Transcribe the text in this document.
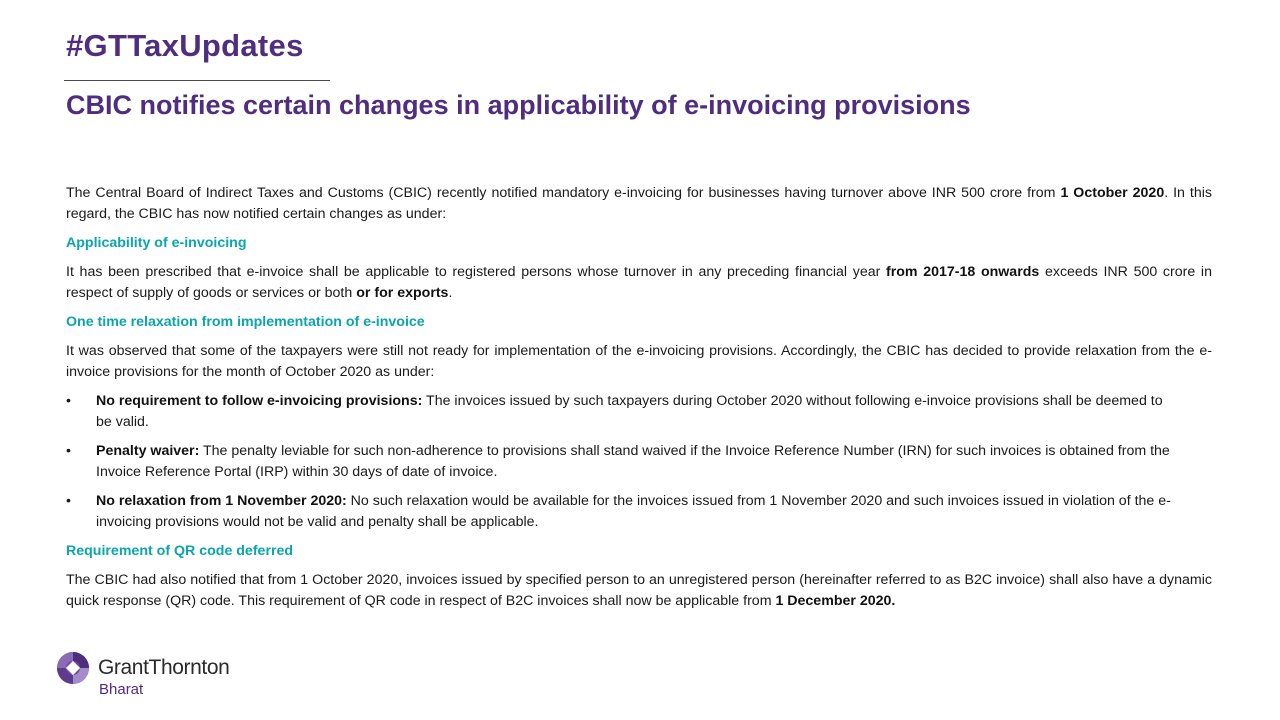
#GTTaxUpdates
CBIC notifies certain changes in applicability of e-invoicing provisions

The Central Board of Indirect Taxes and Customs (CBIC) recently notified mandatory e-invoicing for businesses having turnover above INR 500 crore from 1 October 2020. In this regard, the CBIC has now notified certain changes as under:

Applicability of e-invoicing

It has been prescribed that e-invoice shall be applicable to registered persons whose turnover in any preceding financial year from 2017-18 onwards exceeds INR 500 crore in respect of supply of goods or services or both or for exports.

One time relaxation from implementation of e-invoice

It was observed that some of the taxpayers were still not ready for implementation of the e-invoicing provisions. Accordingly, the CBIC has decided to provide relaxation from the e-invoice provisions for the month of October 2020 as under:

•	No requirement to follow e-invoicing provisions: The invoices issued by such taxpayers during October 2020 without following e-invoice provisions shall be deemed to be valid.
•	Penalty waiver: The penalty leviable for such non-adherence to provisions shall stand waived if the Invoice Reference Number (IRN) for such invoices is obtained from the Invoice Reference Portal (IRP) within 30 days of date of invoice.
•	No relaxation from 1 November 2020: No such relaxation would be available for the invoices issued from 1 November 2020 and such invoices issued in violation of the e-invoicing provisions would not be valid and penalty shall be applicable.
Requirement of QR code deferred

The CBIC had also notified that from 1 October 2020, invoices issued by specified person to an unregistered person (hereinafter referred to as B2C invoice) shall also have a dynamic quick response (QR) code. This requirement of QR code in respect of B2C invoices shall now be applicable from 1 December 2020.

GrantThornton
Bharat
